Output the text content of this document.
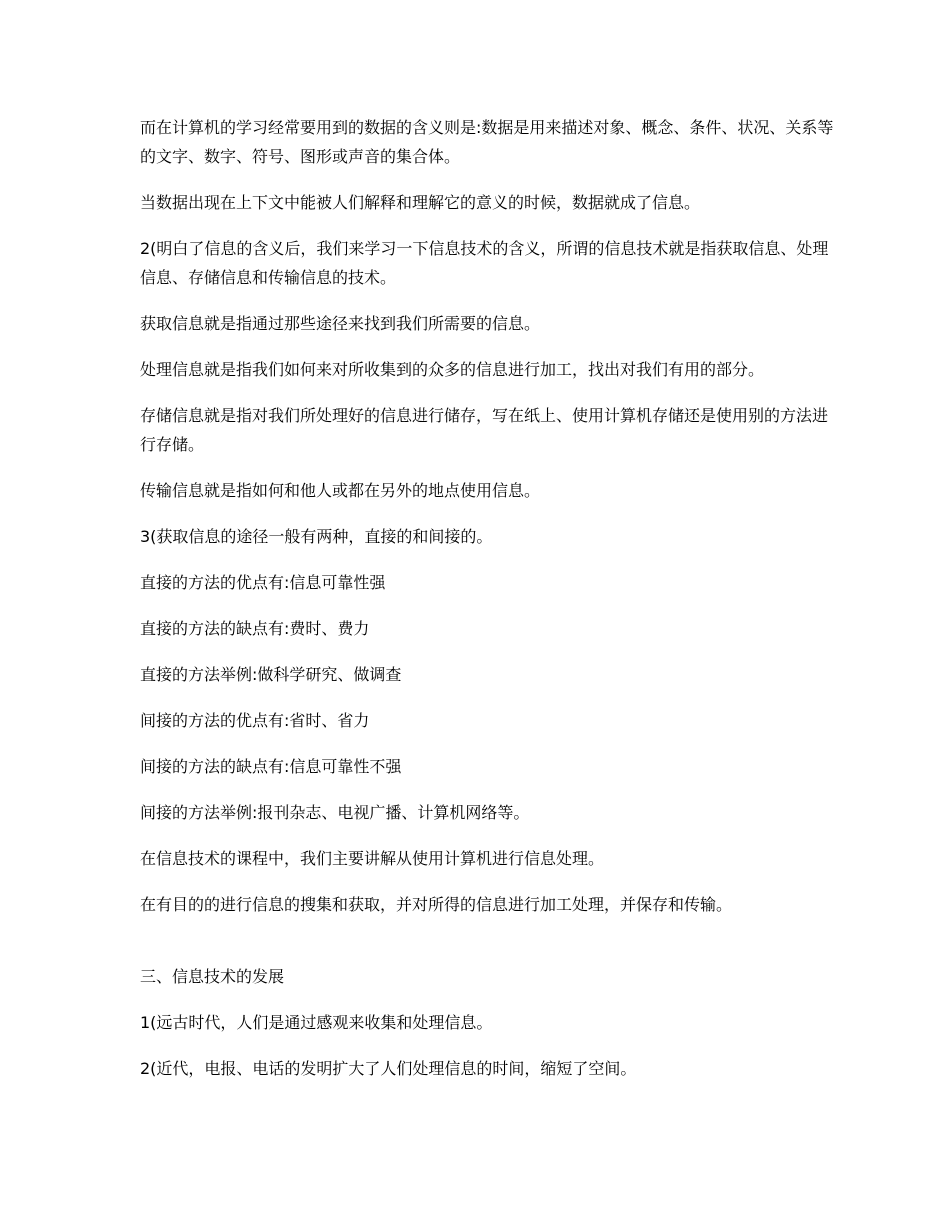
而在计算机的学习经常要用到的数据的含义则是:数据是用来描述对象、概念、条件、状况、关系等的文字、数字、符号、图形或声音的集合体。

当数据出现在上下文中能被人们解释和理解它的意义的时候，数据就成了信息。

2(明白了信息的含义后，我们来学习一下信息技术的含义，所谓的信息技术就是指获取信息、处理信息、存储信息和传输信息的技术。

获取信息就是指通过那些途径来找到我们所需要的信息。

处理信息就是指我们如何来对所收集到的众多的信息进行加工，找出对我们有用的部分。

存储信息就是指对我们所处理好的信息进行储存，写在纸上、使用计算机存储还是使用别的方法进行存储。

传输信息就是指如何和他人或都在另外的地点使用信息。

3(获取信息的途径一般有两种，直接的和间接的。

直接的方法的优点有:信息可靠性强

直接的方法的缺点有:费时、费力

直接的方法举例:做科学研究、做调查

间接的方法的优点有:省时、省力

间接的方法的缺点有:信息可靠性不强

间接的方法举例:报刊杂志、电视广播、计算机网络等。

在信息技术的课程中，我们主要讲解从使用计算机进行信息处理。

在有目的的进行信息的搜集和获取，并对所得的信息进行加工处理，并保存和传输。

三、信息技术的发展

1(远古时代，人们是通过感观来收集和处理信息。

2(近代，电报、电话的发明扩大了人们处理信息的时间，缩短了空间。
